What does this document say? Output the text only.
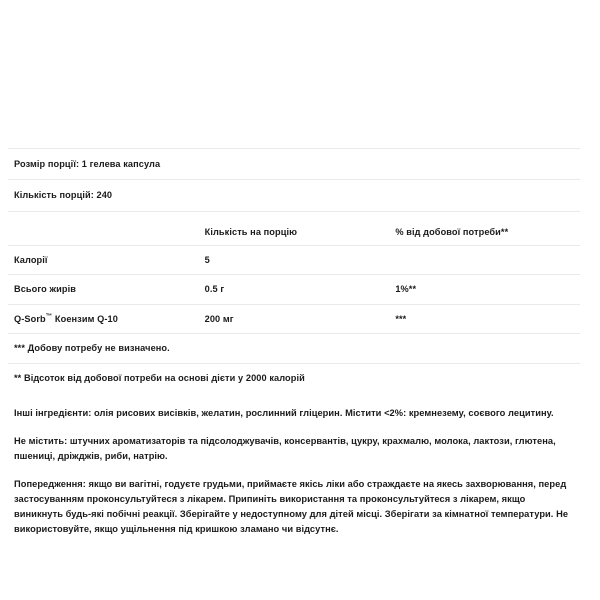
Розмір порції: 1 гелева капсула		

Кількість порцій: 240		

	Кількість на порцію	% від добової потреби**

Калорії	5	

Всього жирів	0.5 г	1%**

Q-Sorb™ Коензим Q-10	200 мг	***

*** Добову потребу не визначено.		

** Відсоток від добової потреби на основі дієти у 2000 калорій		

Інші інгредієнти: олія рисових висівків, желатин, рослинний гліцерин. Містити <2%: кремнезему, соєвого лецитину.

Не містить: штучних ароматизаторів та підсолоджувачів, консервантів, цукру, крахмалю, молока, лактози, глютена, пшениці, дріжджів, риби, натрію.

Попередження: якщо ви вагітні, годуєте грудьми, приймаєте якісь ліки або страждаєте на якесь захворювання, перед застосуванням проконсультуйтеся з лікарем. Припиніть використання та проконсультуйтеся з лікарем, якщо виникнуть будь-які побічні реакції. Зберігайте у недоступному для дітей місці. Зберігати за кімнатної температури. Не використовуйте, якщо ущільнення під кришкою зламано чи відсутнє.
